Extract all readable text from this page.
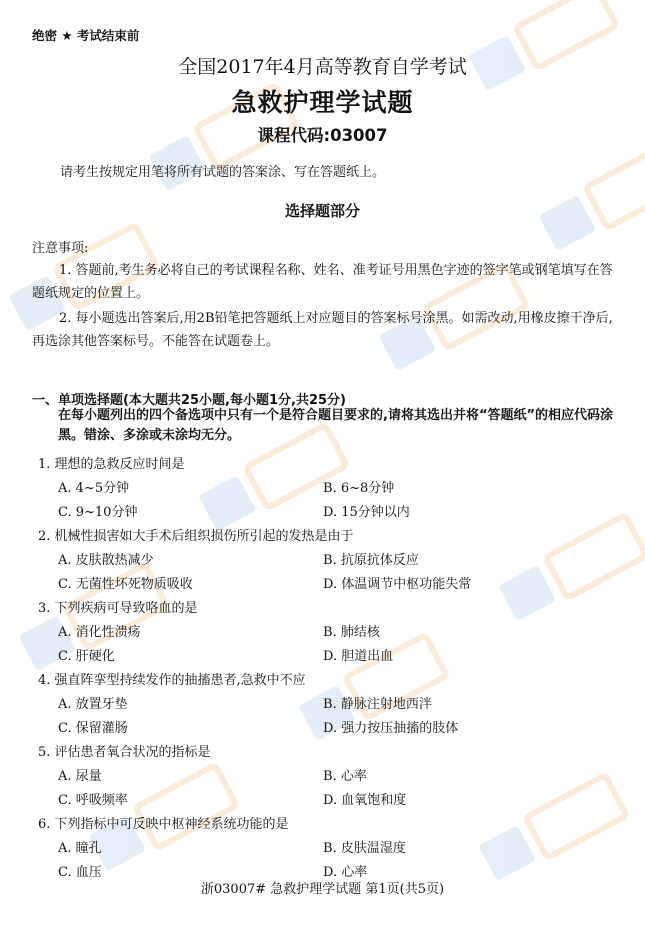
绝密 ★ 考试结束前
全国2017年4月高等教育自学考试
急救护理学试题
课程代码:03007
请考生按规定用笔将所有试题的答案涂、写在答题纸上。
选择题部分
注意事项:
1. 答题前,考生务必将自己的考试课程名称、姓名、准考证号用黑色字迹的签字笔或钢笔填写在答题纸规定的位置上。
2. 每小题选出答案后,用2B铅笔把答题纸上对应题目的答案标号涂黑。如需改动,用橡皮擦干净后,再选涂其他答案标号。不能答在试题卷上。
一、单项选择题(本大题共25小题,每小题1分,共25分)
在每小题列出的四个备选项中只有一个是符合题目要求的,请将其选出并将“答题纸”的相应代码涂黑。错涂、多涂或未涂均无分。
1. 理想的急救反应时间是
A. 4~5分钟	B. 6~8分钟
C. 9~10分钟	D. 15分钟以内
2. 机械性损害如大手术后组织损伤所引起的发热是由于
A. 皮肤散热减少	B. 抗原抗体反应
C. 无菌性坏死物质吸收	D. 体温调节中枢功能失常
3. 下列疾病可导致咯血的是
A. 消化性溃疡	B. 肺结核
C. 肝硬化	D. 胆道出血
4. 强直阵挛型持续发作的抽搐患者,急救中不应
A. 放置牙垫	B. 静脉注射地西泮
C. 保留灌肠	D. 强力按压抽搐的肢体
5. 评估患者氧合状况的指标是
A. 尿量	B. 心率
C. 呼吸频率	D. 血氧饱和度
6. 下列指标中可反映中枢神经系统功能的是
A. 瞳孔	B. 皮肤温湿度
C. 血压	D. 心率
浙03007# 急救护理学试题 第1页(共5页)
